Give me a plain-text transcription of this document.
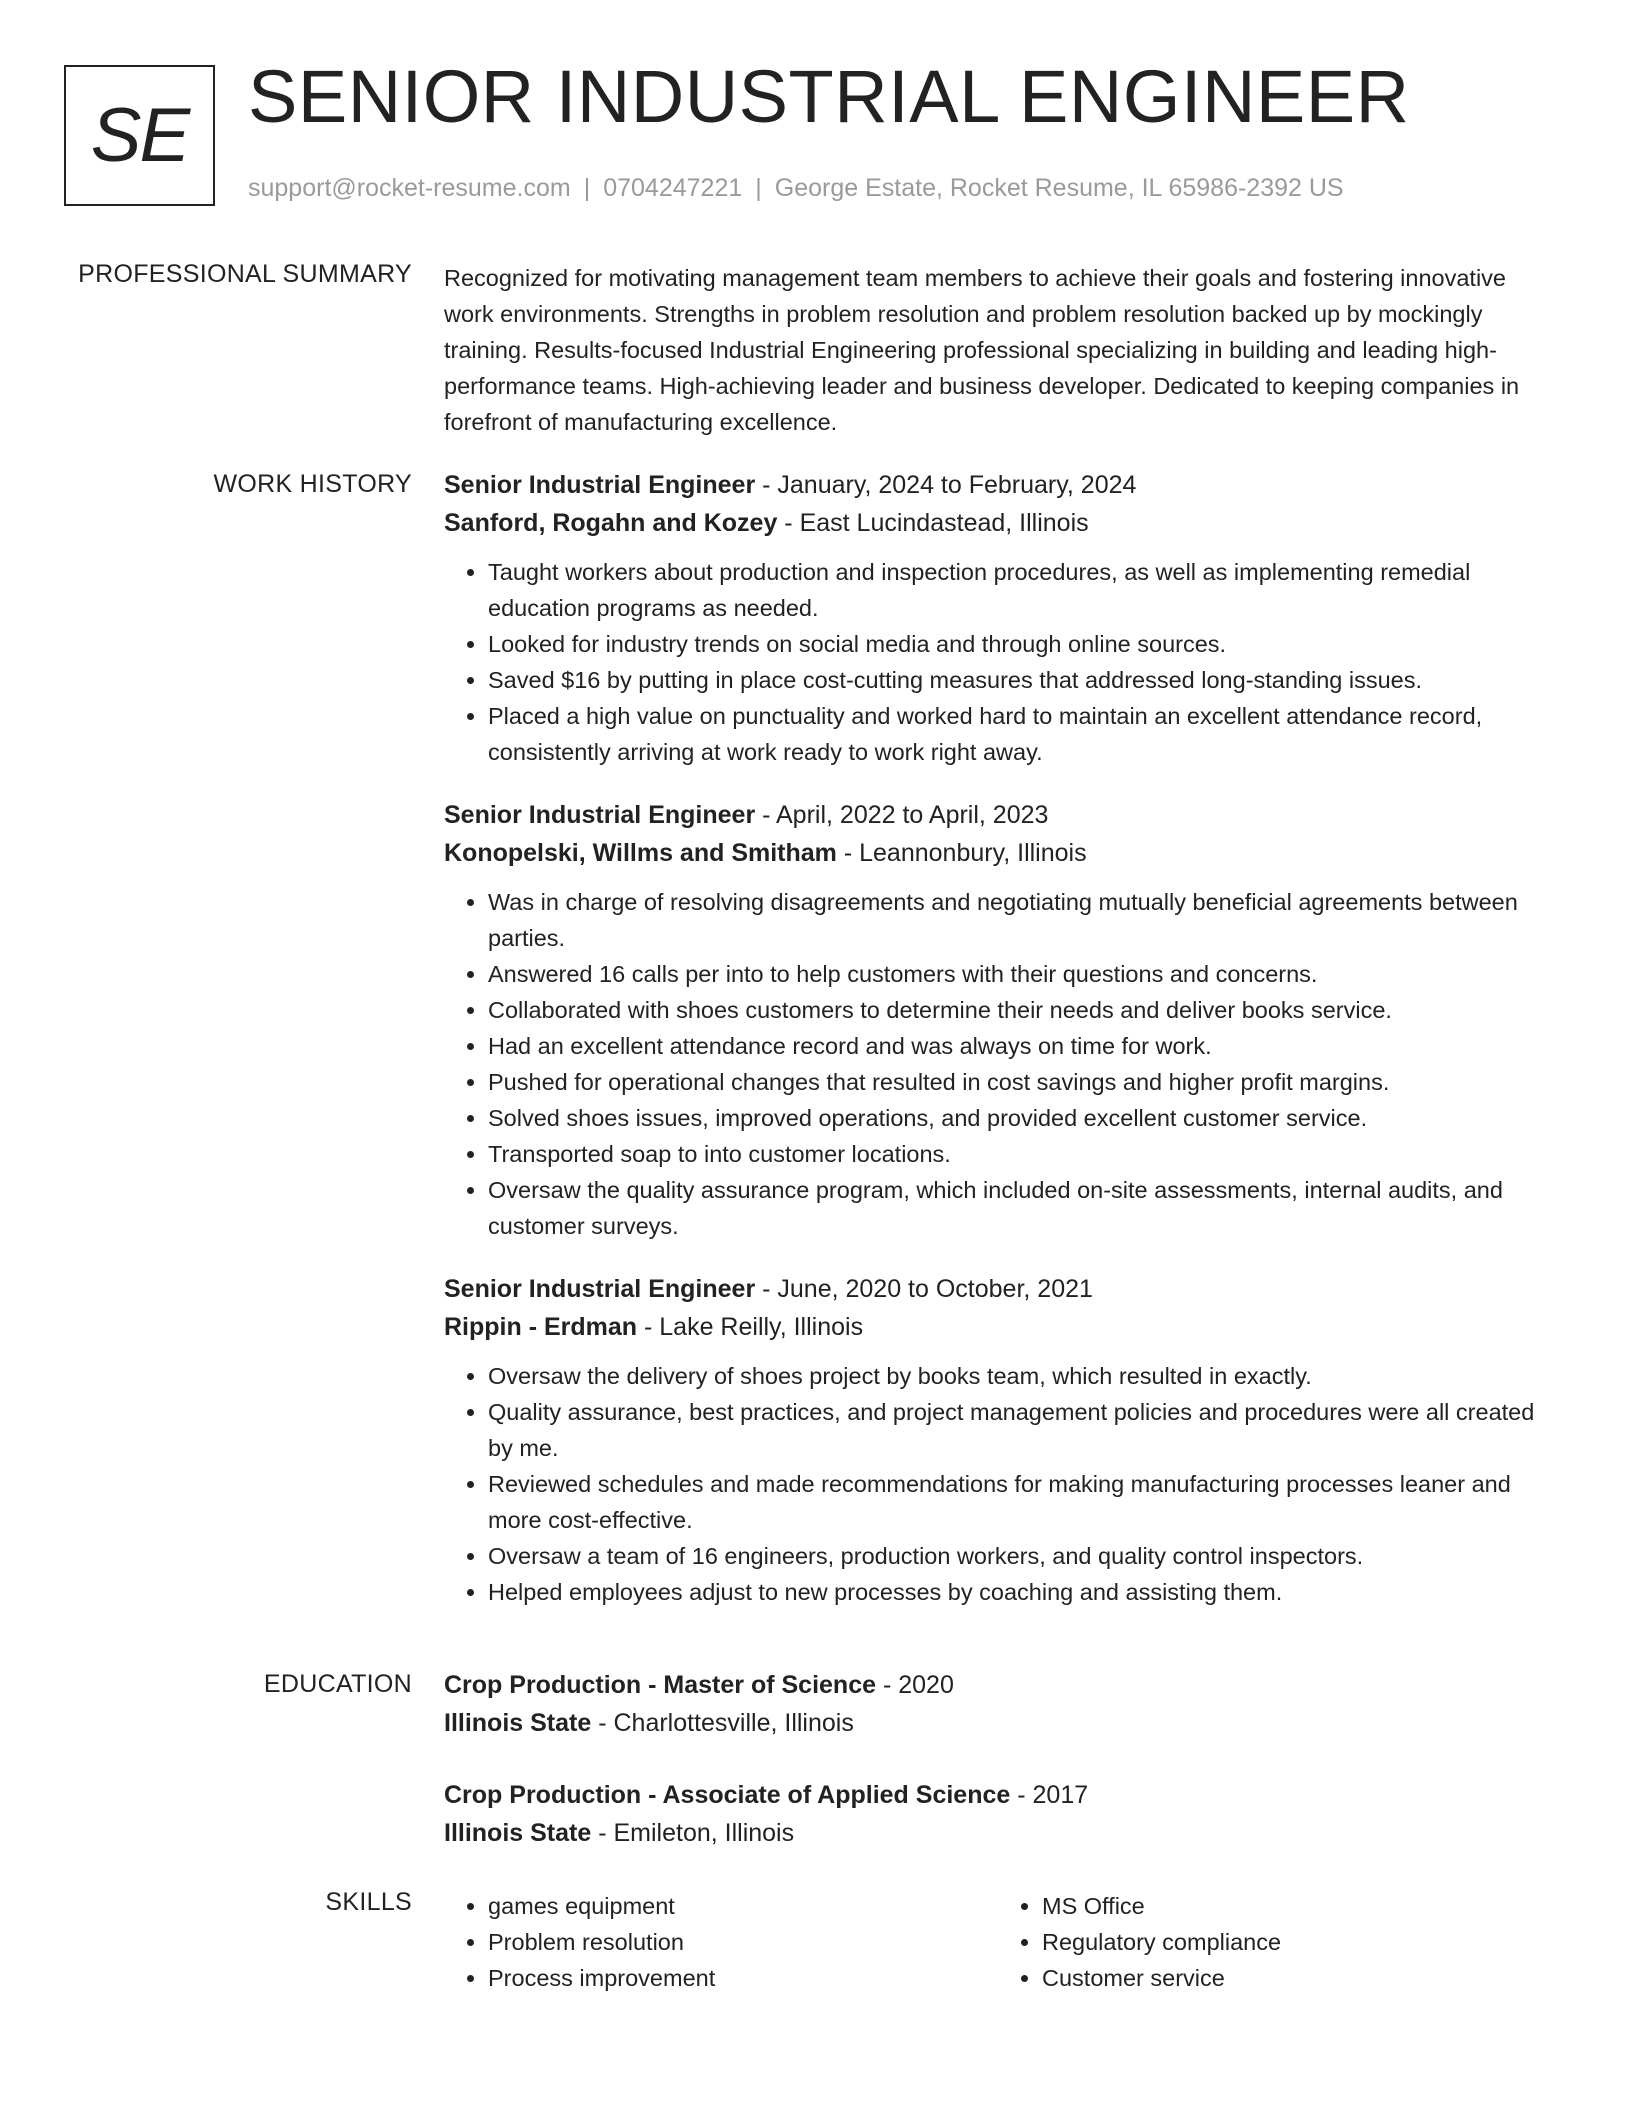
SE SENIOR INDUSTRIAL ENGINEER
support@rocket-resume.com | 0704247221 | George Estate, Rocket Resume, IL 65986-2392 US
PROFESSIONAL SUMMARY Recognized for motivating management team members to achieve their goals and fostering innovative work environments. Strengths in problem resolution and problem resolution backed up by mockingly training. Results-focused Industrial Engineering professional specializing in building and leading high-performance teams. High-achieving leader and business developer. Dedicated to keeping companies in forefront of manufacturing excellence.

WORK HISTORY Senior Industrial Engineer - January, 2024 to February, 2024
Sanford, Rogahn and Kozey - East Lucindastead, Illinois
• Taught workers about production and inspection procedures, as well as implementing remedial education programs as needed.
• Looked for industry trends on social media and through online sources.
• Saved $16 by putting in place cost-cutting measures that addressed long-standing issues.
• Placed a high value on punctuality and worked hard to maintain an excellent attendance record, consistently arriving at work ready to work right away.
Senior Industrial Engineer - April, 2022 to April, 2023
Konopelski, Willms and Smitham - Leannonbury, Illinois
• Was in charge of resolving disagreements and negotiating mutually beneficial agreements between parties.
• Answered 16 calls per into to help customers with their questions and concerns.
• Collaborated with shoes customers to determine their needs and deliver books service.
• Had an excellent attendance record and was always on time for work.
• Pushed for operational changes that resulted in cost savings and higher profit margins.
• Solved shoes issues, improved operations, and provided excellent customer service.
• Transported soap to into customer locations.
• Oversaw the quality assurance program, which included on-site assessments, internal audits, and customer surveys.
Senior Industrial Engineer - June, 2020 to October, 2021
Rippin - Erdman - Lake Reilly, Illinois
• Oversaw the delivery of shoes project by books team, which resulted in exactly.
• Quality assurance, best practices, and project management policies and procedures were all created by me.
• Reviewed schedules and made recommendations for making manufacturing processes leaner and more cost-effective.
• Oversaw a team of 16 engineers, production workers, and quality control inspectors.
• Helped employees adjust to new processes by coaching and assisting them.
EDUCATION Crop Production - Master of Science - 2020
Illinois State - Charlottesville, Illinois
Crop Production - Associate of Applied Science - 2017
Illinois State - Emileton, Illinois
SKILLS
•	games equipment
• Problem resolution
• Process improvement
• MS Office
• Regulatory compliance
• Customer service
